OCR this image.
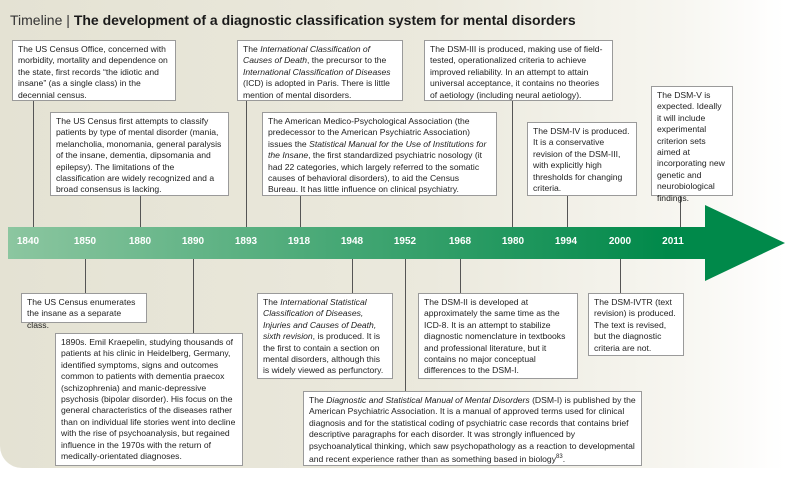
Timeline | The development of a diagnostic classification system for mental disorders
1840	1850	1880	1890	1893	1918	1948	1952	1968	1980	1994	2000	2011
The US Census Office, concerned with morbidity, mortality and dependence on the state, first records “the idiotic and insane” (as a single class) in the decennial census.
The US Census first attempts to classify patients by type of mental disorder (mania, melancholia, monomania, general paralysis of the insane, dementia, dipsomania and epilepsy). The limitations of the classification are widely recognized and a broad consensus is lacking.
The International Classification of Causes of Death, the precursor to the International Classification of Diseases (ICD) is adopted in Paris. There is little mention of mental disorders.
The American Medico-Psychological Association (the predecessor to the American Psychiatric Association) issues the Statistical Manual for the Use of Institutions for the Insane, the first standardized psychiatric nosology (it had 22 categories, which largely referred to the somatic causes of behavioral disorders), to aid the Census Bureau. It has little influence on clinical psychiatry.
The DSM-III is produced, making use of field-tested, operationalized criteria to achieve improved reliability. In an attempt to attain universal acceptance, it contains no theories of aetiology (including neural aetiology).
The DSM-IV is produced. It is a conservative revision of the DSM-III, with explicitly high thresholds for changing criteria.
The DSM-V is expected. Ideally it will include experimental criterion sets aimed at incorporating new genetic and neurobiological findings.
The US Census enumerates the insane as a separate class.
1890s. Emil Kraepelin, studying thousands of patients at his clinic in Heidelberg, Germany, identified symptoms, signs and outcomes common to patients with dementia praecox (schizophrenia) and manic-depressive psychosis (bipolar disorder). His focus on the general characteristics of the diseases rather than on individual life stories went into decline with the rise of psychoanalysis, but regained influence in the 1970s with the return of medically-orientated diagnoses.
The International Statistical Classification of Diseases, Injuries and Causes of Death, sixth revision, is produced. It is the first to contain a section on mental disorders, although this is widely viewed as perfunctory.
The Diagnostic and Statistical Manual of Mental Disorders (DSM-I) is published by the American Psychiatric Association. It is a manual of approved terms used for clinical diagnosis and for the statistical coding of psychiatric case records that contains brief descriptive paragraphs for each disorder. It was strongly influenced by psychoanalytical thinking, which saw psychopathology as a reaction to developmental and recent experience rather than as something based in biology$^{83}$.
The DSM-II is developed at approximately the same time as the ICD-8. It is an attempt to stabilize diagnostic nomenclature in textbooks and professional literature, but it contains no major conceptual differences to the DSM-I.
The DSM-IVTR (text revision) is produced. The text is revised, but the diagnostic criteria are not.
